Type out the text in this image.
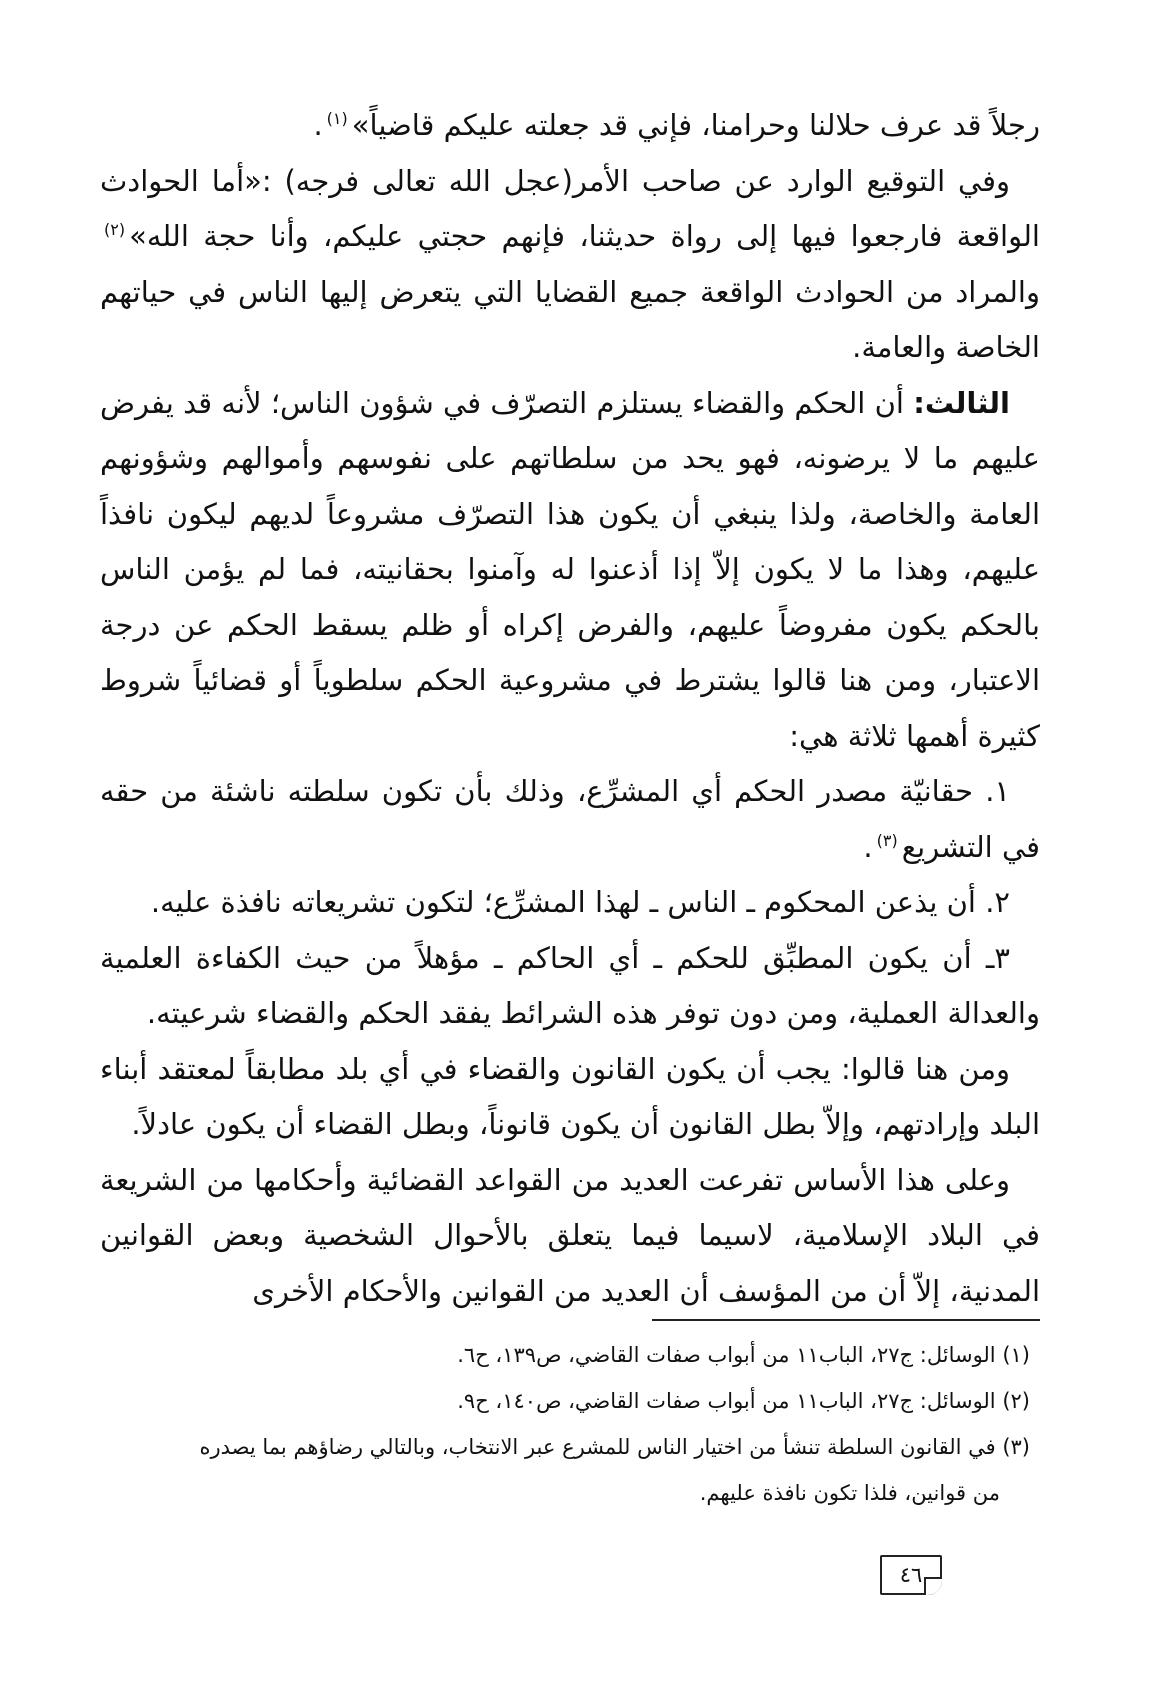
رجلاً قد عرف حلالنا وحرامنا، فإني قد جعلته عليكم قاضياً»$^{(١)}$.

وفي التوقيع الوارد عن صاحب الأمر(عجل الله تعالى فرجه) :«أما الحوادث الواقعة فارجعوا فيها إلى رواة حديثنا، فإنهم حجتي عليكم، وأنا حجة الله»$^{(٢)}$ والمراد من الحوادث الواقعة جميع القضايا التي يتعرض إليها الناس في حياتهم الخاصة والعامة.

الثالث: أن الحكم والقضاء يستلزم التصرّف في شؤون الناس؛ لأنه قد يفرض عليهم ما لا يرضونه، فهو يحد من سلطاتهم على نفوسهم وأموالهم وشؤونهم العامة والخاصة، ولذا ينبغي أن يكون هذا التصرّف مشروعاً لديهم ليكون نافذاً عليهم، وهذا ما لا يكون إلاّ إذا أذعنوا له وآمنوا بحقانيته، فما لم يؤمن الناس بالحكم يكون مفروضاً عليهم، والفرض إكراه أو ظلم يسقط الحكم عن درجة الاعتبار، ومن هنا قالوا يشترط في مشروعية الحكم سلطوياً أو قضائياً شروط كثيرة أهمها ثلاثة هي:

١. حقانيّة مصدر الحكم أي المشرِّع، وذلك بأن تكون سلطته ناشئة من حقه في التشريع$^{(٣)}$.

٢. أن يذعن المحكوم ـ الناس ـ لهذا المشرِّع؛ لتكون تشريعاته نافذة عليه.

٣ـ أن يكون المطبِّق للحكم ـ أي الحاكم ـ مؤهلاً من حيث الكفاءة العلمية والعدالة العملية، ومن دون توفر هذه الشرائط يفقد الحكم والقضاء شرعيته.

ومن هنا قالوا: يجب أن يكون القانون والقضاء في أي بلد مطابقاً لمعتقد أبناء البلد وإرادتهم، وإلاّ بطل القانون أن يكون قانوناً، وبطل القضاء أن يكون عادلاً.

وعلى هذا الأساس تفرعت العديد من القواعد القضائية وأحكامها من الشريعة في البلاد الإسلامية، لاسيما فيما يتعلق بالأحوال الشخصية وبعض القوانين المدنية، إلاّ أن من المؤسف أن العديد من القوانين والأحكام الأخرى

(١) الوسائل: ج٢٧، الباب١١ من أبواب صفات القاضي، ص١٣٩، ح٦.

(٢) الوسائل: ج٢٧، الباب١١ من أبواب صفات القاضي، ص١٤٠، ح٩.

(٣) في القانون السلطة تنشأ من اختيار الناس للمشرع عبر الانتخاب، وبالتالي رضاؤهم بما يصدره

من قوانين، فلذا تكون نافذة عليهم.

٤٦
